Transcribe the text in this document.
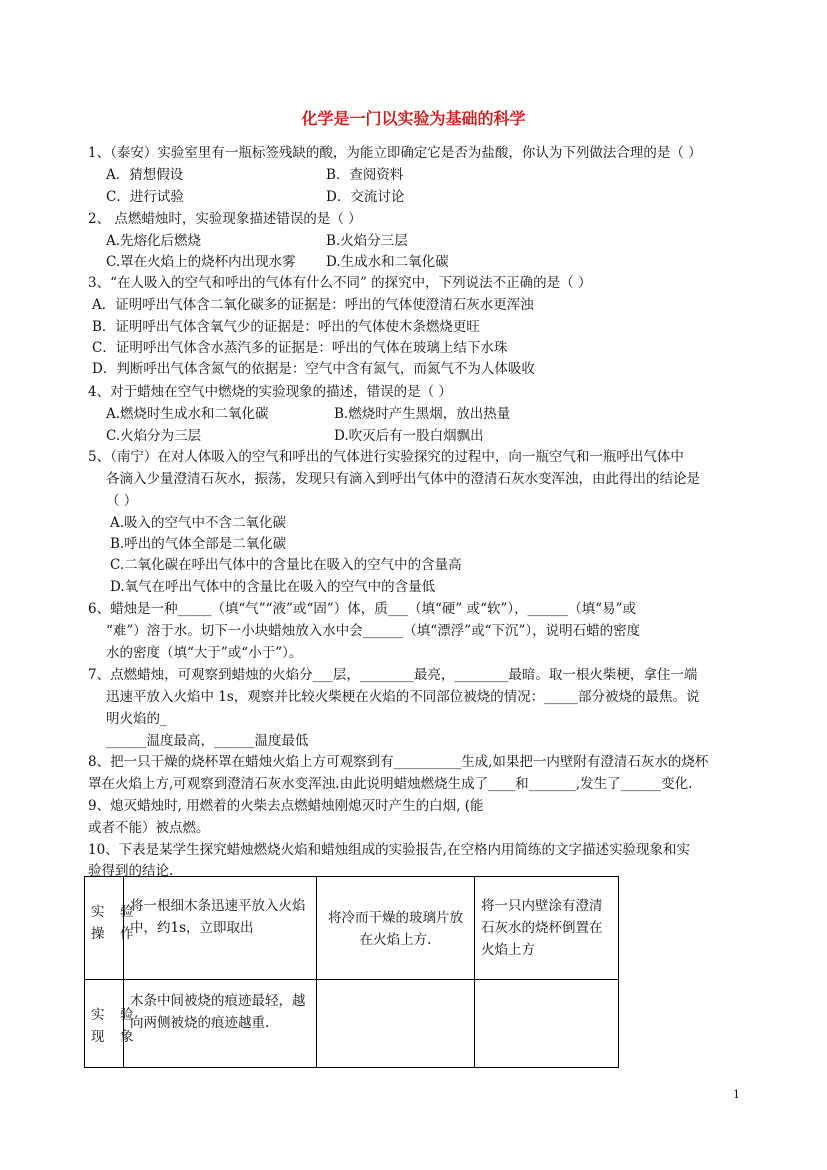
化学是一门以实验为基础的科学
1、（泰安）实验室里有一瓶标签残缺的酸，为能立即确定它是否为盐酸，你认为下列做法合理的是（ ）
A．猜想假设	B．查阅资料
C．进行试验	D．交流讨论
2、 点燃蜡烛时，实验现象描述错误的是（ ）
A.先熔化后燃烧	B.火焰分三层
C.罩在火焰上的烧杯内出现水雾 D.生成水和二氧化碳
3、“在人吸入的空气和呼出的气体有什么不同” 的探究中，下列说法不正确的是（ ）
A．证明呼出气体含二氧化碳多的证据是：呼出的气体使澄清石灰水更浑浊
B．证明呼出气体含氧气少的证据是：呼出的气体使木条燃烧更旺
C．证明呼出气体含水蒸汽多的证据是：呼出的气体在玻璃上结下水珠
D．判断呼出气体含氮气的依据是：空气中含有氮气，而氮气不为人体吸收
4、对于蜡烛在空气中燃烧的实验现象的描述，错误的是（ ）
A.燃烧时生成水和二氧化碳	B.燃烧时产生黑烟，放出热量
C.火焰分为三层	D.吹灭后有一股白烟飘出
5、（南宁）在对人体吸入的空气和呼出的气体进行实验探究的过程中，向一瓶空气和一瓶呼出气体中
各滴入少量澄清石灰水，振荡，发现只有滴入到呼出气体中的澄清石灰水变浑浊，由此得出的结论是
（ ）
A.吸入的空气中不含二氧化碳
B.呼出的气体全部是二氧化碳
C.二氧化碳在呼出气体中的含量比在吸入的空气中的含量高
D.氧气在呼出气体中的含量比在吸入的空气中的含量低
6、蜡烛是一种_____（填“气”“液”或“固”）体，质___（填“硬” 或“软”），______（填“易”或
“难”）溶于水。切下一小块蜡烛放入水中会______（填“漂浮”或“下沉”），说明石蜡的密度
水的密度（填“大于”或“小于”）。
7、点燃蜡烛，可观察到蜡烛的火焰分___层，________最亮，________最暗。取一根火柴梗，拿住一端
迅速平放入火焰中 1s，观察并比较火柴梗在火焰的不同部位被烧的情况：_____部分被烧的最焦。说
明火焰的_
______温度最高，______温度最低
8、把一只干燥的烧杯罩在蜡烛火焰上方可观察到有__________生成,如果把一内壁附有澄清石灰水的烧杯
罩在火焰上方,可观察到澄清石灰水变浑浊.由此说明蜡烛燃烧生成了____和_______,发生了______变化.
9、熄灭蜡烛时, 用燃着的火柴去点燃蜡烛刚熄灭时产生的白烟, (能
或者不能）被点燃。
10、下表是某学生探究蜡烛燃烧火焰和蜡烛组成的实验报告,在空格内用简练的文字描述实验现象和实
验得到的结论.
实
操
验
作	将一根细木条迅速平放入火焰中，约1s，立即取出	将冷而干燥的玻璃片放在火焰上方.	将一只内壁涂有澄清石灰水的烧杯倒置在火焰上方

实
现
验
象	木条中间被烧的痕迹最轻，越向两侧被烧的痕迹越重.		
1
